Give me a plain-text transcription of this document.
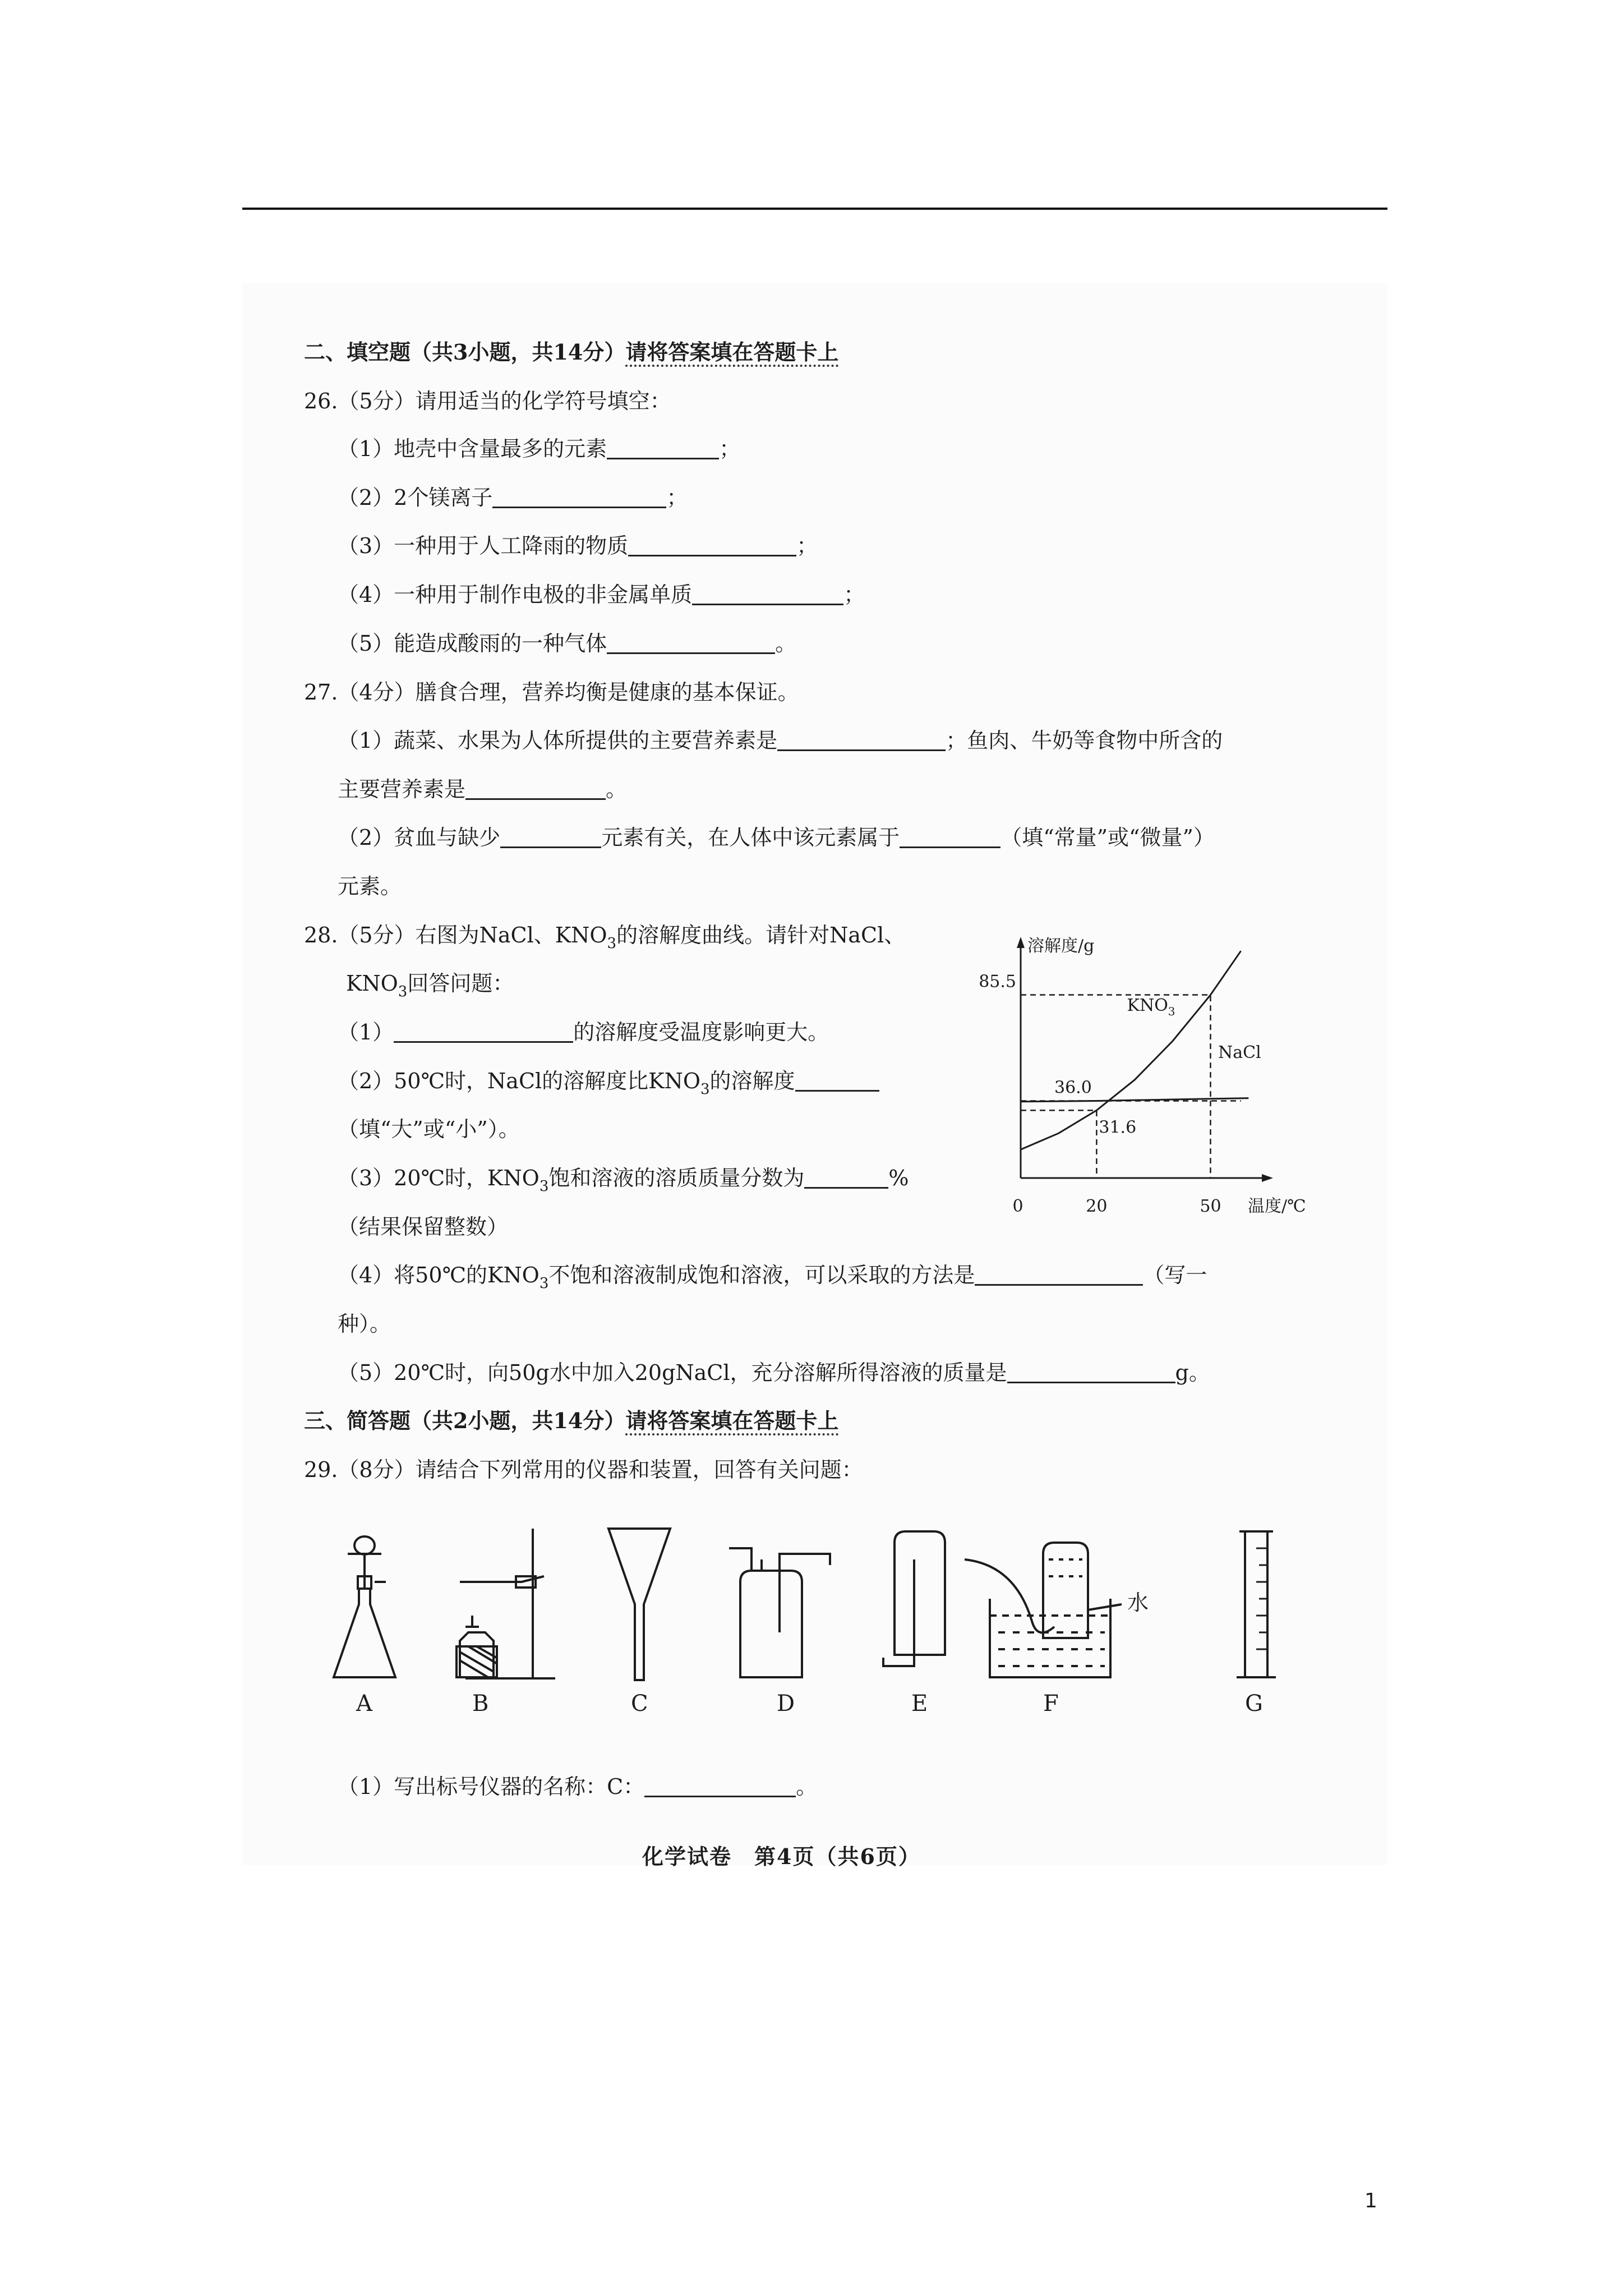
二、填空题（共3小题，共14分）请将答案填在答题卡上
26.（5分）请用适当的化学符号填空：
（1）地壳中含量最多的元素	；
（2）2个镁离子	；
（3）一种用于人工降雨的物质	；
（4）一种用于制作电极的非金属单质	；
（5）能造成酸雨的一种气体	。
27.（4分）膳食合理，营养均衡是健康的基本保证。
（1）蔬菜、水果为人体所提供的主要营养素是	；鱼肉、牛奶等食物中所含的
主要营养素是	。
（2）贫血与缺少	元素有关，在人体中该元素属于	（填“常量”或“微量”）
元素。
28.（5分）右图为NaCl、$KNO_3$的溶解度曲线。请针对NaCl、
$KNO_3$回答问题：
（1）	的溶解度受温度影响更大。
（2）50℃时，NaCl的溶解度比$KNO_3$的溶解度
（填“大”或“小”）。
（3）20℃时，$KNO_3$饱和溶液的溶质质量分数为	%
（结果保留整数）
（4）将50℃的$KNO_3$不饱和溶液制成饱和溶液，可以采取的方法是	（写一
种）。
（5）20℃时，向50g水中加入20gNaCl，充分溶解所得溶液的质量是	g。
三、简答题（共2小题，共14分）请将答案填在答题卡上
29.（8分）请结合下列常用的仪器和装置，回答有关问题：
（1）写出标号仪器的名称：C：	。
溶解度/g
温度/℃
0	20	50
85.5
36.0
31.6
$KNO_3$
NaCl
水
A	B	C	D	E	F	G
化学试卷　第4页（共6页）
1
